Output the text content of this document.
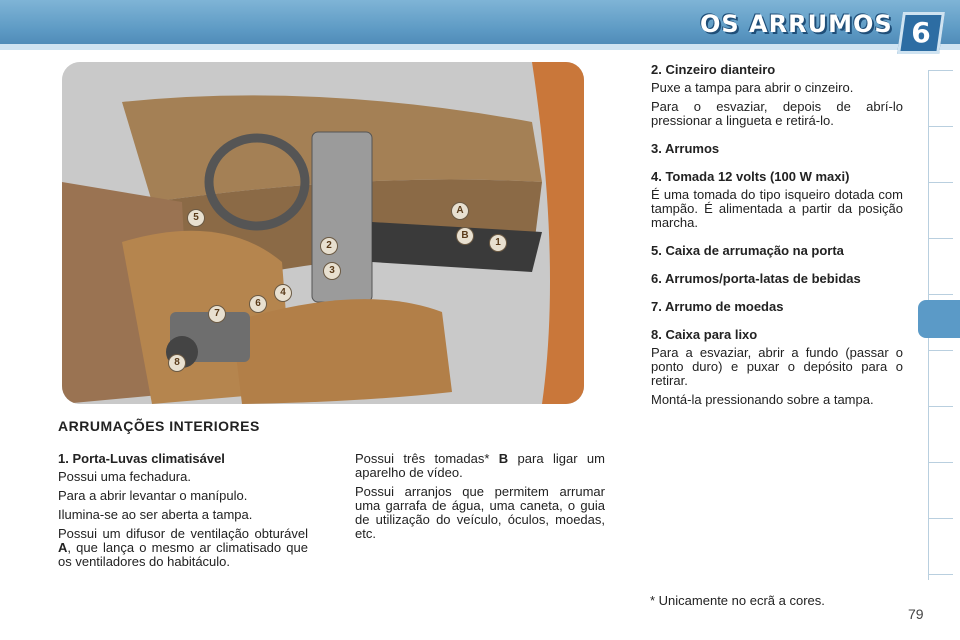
OS ARRUMOS 6
5
2
3
4
6
7
8
A
B
1
ARRUMAÇÕES INTERIORES

1. Porta-Luvas climatisável

Possui uma fechadura.

Para a abrir levantar o manípulo.

Ilumina-se ao ser aberta a tampa.

Possui um difusor de ventilação obturável A, que lança o mesmo ar climatisado que os ventiladores do habitáculo.

Possui três tomadas* B para ligar um aparelho de vídeo.

Possui arranjos que permitem arrumar uma garrafa de água, uma caneta, o guia de utilização do veículo, óculos, moedas, etc.

2. Cinzeiro dianteiro

Puxe a tampa para abrir o cinzeiro.

Para o esvaziar, depois de abrí-lo pressionar a lingueta e retirá-lo.

3. Arrumos

4. Tomada 12 volts (100 W maxi)

É uma tomada do tipo isqueiro dotada com tampão. É alimentada a partir da posição marcha.

5. Caixa de arrumação na porta

6. Arrumos/porta-latas de bebidas

7. Arrumo de moedas

8. Caixa para lixo

Para a esvaziar, abrir a fundo (passar o ponto duro) e puxar o depósito para o retirar.

Montá-la pressionando sobre a tampa.

* Unicamente no ecrã a cores.
79
